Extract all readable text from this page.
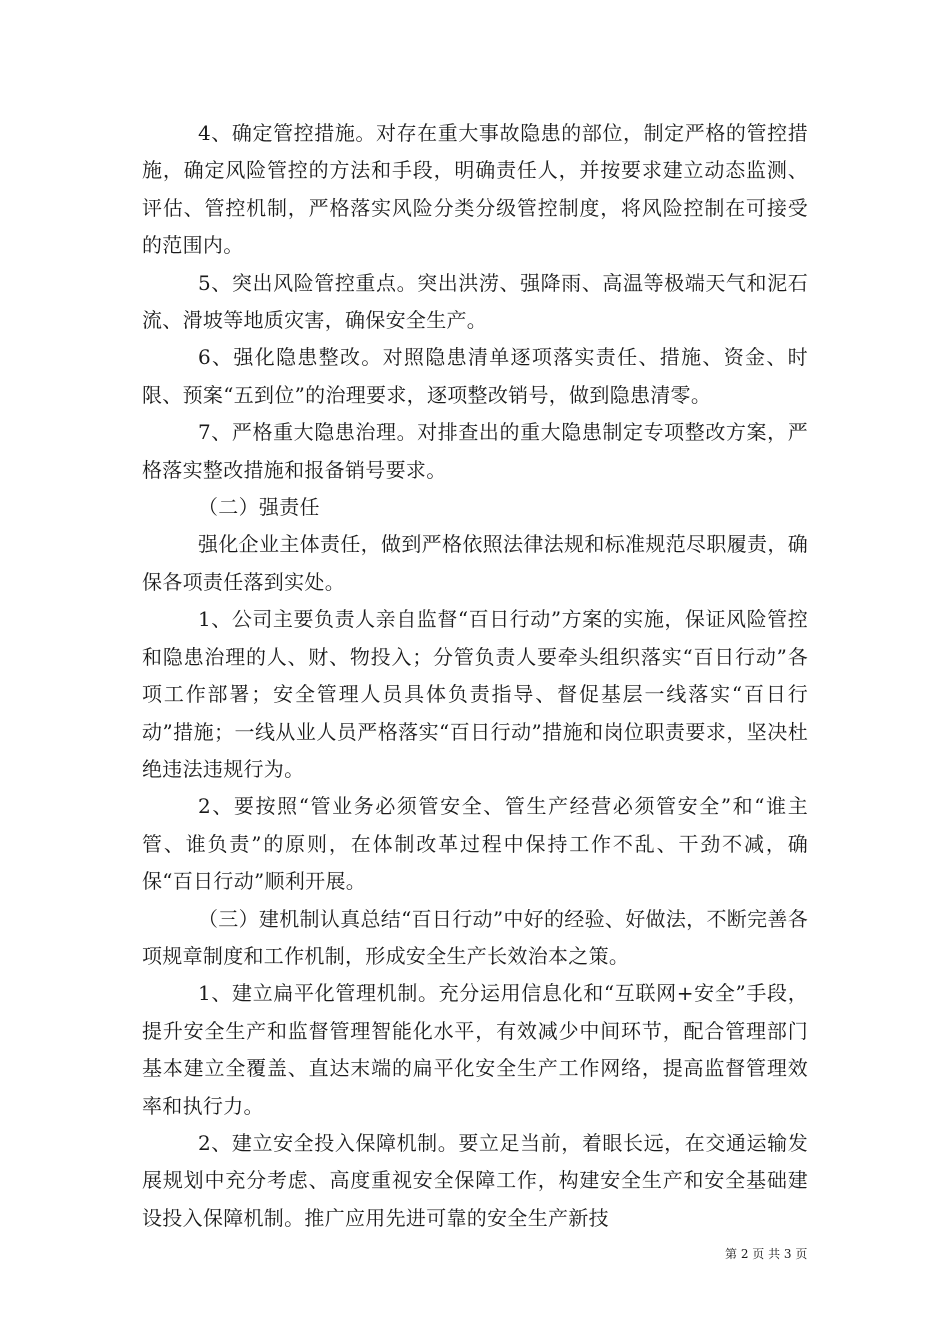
4、确定管控措施。对存在重大事故隐患的部位，制定严格的管控措施，确定风险管控的方法和手段，明确责任人，并按要求建立动态监测、评估、管控机制，严格落实风险分类分级管控制度，将风险控制在可接受的范围内。

5、突出风险管控重点。突出洪涝、强降雨、高温等极端天气和泥石流、滑坡等地质灾害，确保安全生产。

6、强化隐患整改。对照隐患清单逐项落实责任、措施、资金、时限、预案“五到位”的治理要求，逐项整改销号，做到隐患清零。

7、严格重大隐患治理。对排查出的重大隐患制定专项整改方案，严格落实整改措施和报备销号要求。

（二）强责任

强化企业主体责任，做到严格依照法律法规和标准规范尽职履责，确保各项责任落到实处。

1、公司主要负责人亲自监督“百日行动”方案的实施，保证风险管控和隐患治理的人、财、物投入；分管负责人要牵头组织落实“百日行动”各项工作部署；安全管理人员具体负责指导、督促基层一线落实“百日行动”措施；一线从业人员严格落实“百日行动”措施和岗位职责要求，坚决杜绝违法违规行为。

2、要按照“管业务必须管安全、管生产经营必须管安全”和“谁主管、谁负责”的原则，在体制改革过程中保持工作不乱、干劲不减，确保“百日行动”顺利开展。

（三）建机制认真总结“百日行动”中好的经验、好做法，不断完善各项规章制度和工作机制，形成安全生产长效治本之策。

1、建立扁平化管理机制。充分运用信息化和“互联网+安全”手段，提升安全生产和监督管理智能化水平，有效减少中间环节，配合管理部门基本建立全覆盖、直达末端的扁平化安全生产工作网络，提高监督管理效率和执行力。

2、建立安全投入保障机制。要立足当前，着眼长远，在交通运输发展规划中充分考虑、高度重视安全保障工作，构建安全生产和安全基础建设投入保障机制。推广应用先进可靠的安全生产新技

第 2 页 共 3 页
